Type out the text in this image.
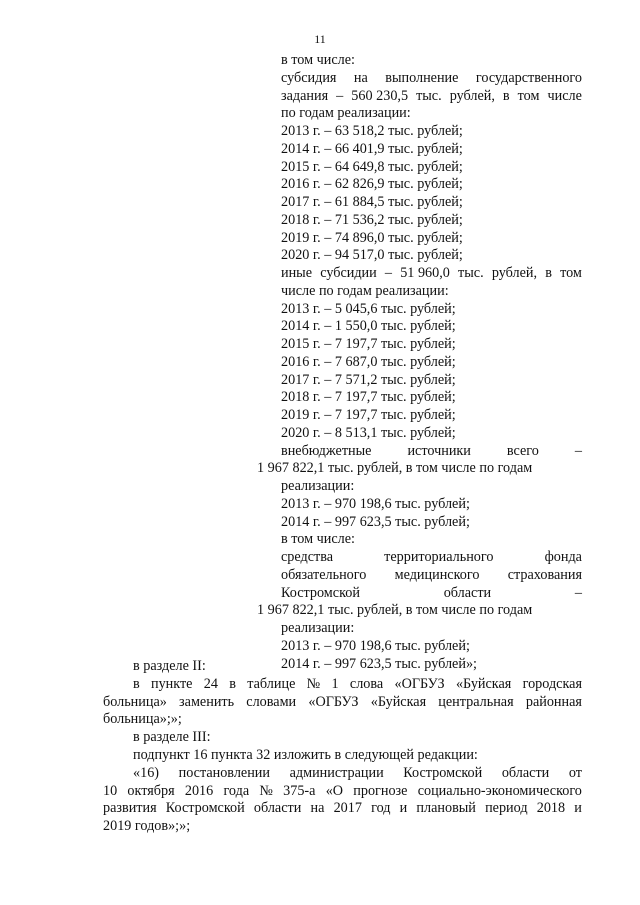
11
в том числе:
субсидия на выполнение государственного
задания – 560 230,5 тыс. рублей, в том числе
по годам реализации:
2013 г. – 63 518,2 тыс. рублей;
2014 г. – 66 401,9 тыс. рублей;
2015 г. – 64 649,8 тыс. рублей;
2016 г. – 62 826,9 тыс. рублей;
2017 г. – 61 884,5 тыс. рублей;
2018 г. – 71 536,2 тыс. рублей;
2019 г. – 74 896,0 тыс. рублей;
2020 г. – 94 517,0 тыс. рублей;
иные субсидии – 51 960,0 тыс. рублей, в том
числе по годам реализации:
2013 г. – 5 045,6 тыс. рублей;
2014 г. – 1 550,0 тыс. рублей;
2015 г. – 7 197,7 тыс. рублей;
2016 г. – 7 687,0 тыс. рублей;
2017 г. – 7 571,2 тыс. рублей;
2018 г. – 7 197,7 тыс. рублей;
2019 г. – 7 197,7 тыс. рублей;
2020 г. – 8 513,1 тыс. рублей;
внебюджетные	источники	всего	–
1 967 822,1 тыс. рублей, в том числе по годам
реализации:
2013 г. – 970 198,6 тыс. рублей;
2014 г. – 997 623,5 тыс. рублей;
в том числе:
средства	территориального	фонда
обязательного медицинского страхования
Костромской	области	–
1 967 822,1 тыс. рублей, в том числе по годам
реализации:
2013 г. – 970 198,6 тыс. рублей;
2014 г. – 997 623,5 тыс. рублей»;
в разделе II:
в пункте 24 в таблице № 1 слова «ОГБУЗ «Буйская городская
больница» заменить словами «ОГБУЗ «Буйская центральная районная
больница»;»;
в разделе III:
подпункт 16 пункта 32 изложить в следующей редакции:
«16) постановлении администрации Костромской области от
10 октября 2016 года № 375-а «О прогнозе социально-экономического
развития Костромской области на 2017 год и плановый период 2018 и
2019 годов»;»;
